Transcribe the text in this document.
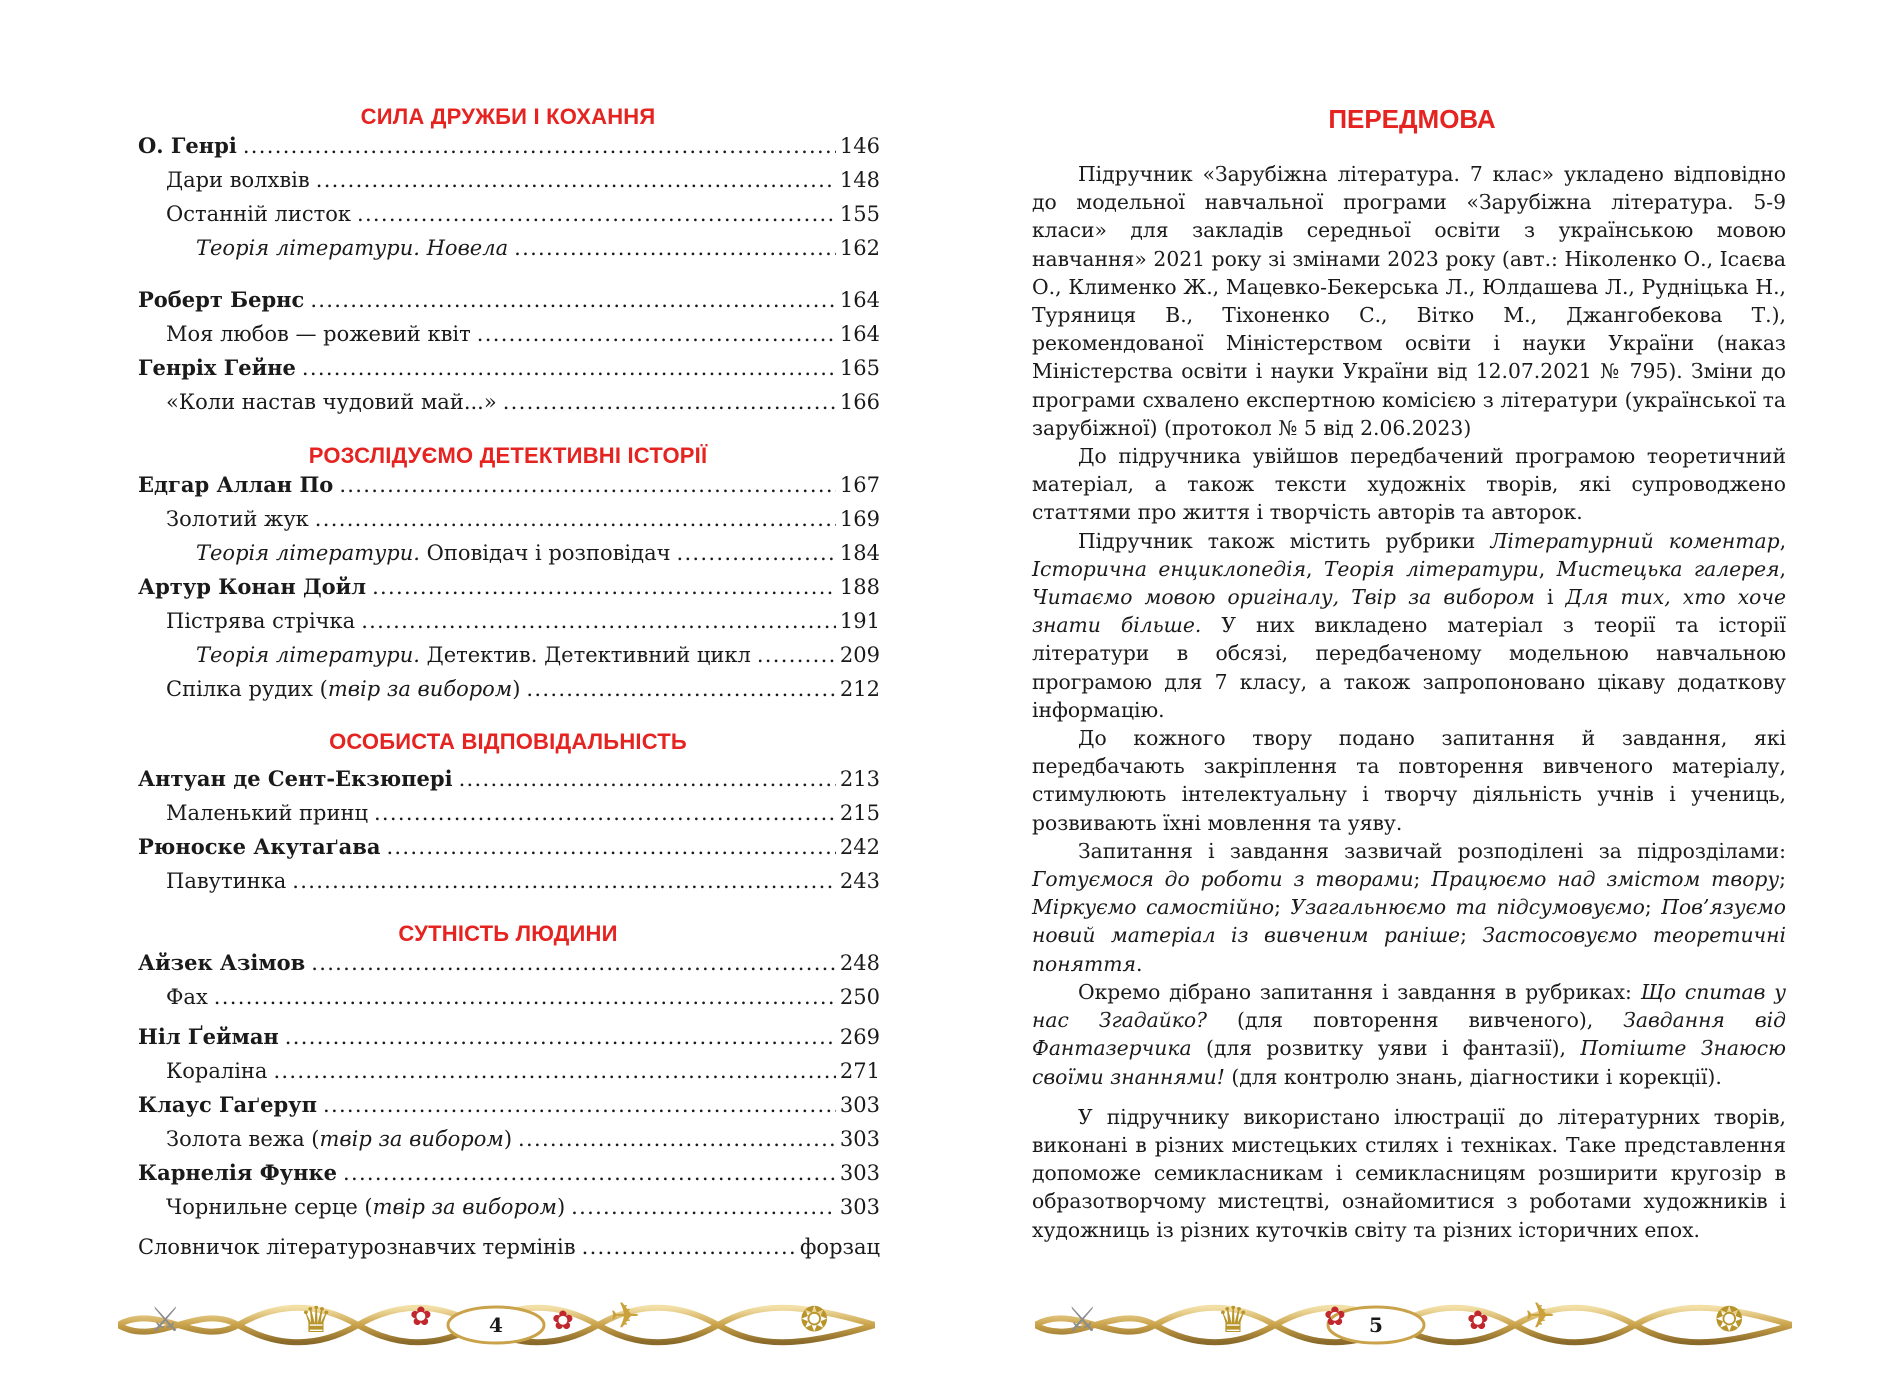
СИЛА ДРУЖБИ І КОХАННЯ
О. Генрі .....	146
Дари волхвів .....	148
Останній листок .....	155
Теорія літератури. Новела .....	162
Роберт Бернс .....	164
Моя любов — рожевий квіт .....	164
Генріх Гейне .....	165
«Коли настав чудовий май...» .....	166
РОЗСЛІДУЄМО ДЕТЕКТИВНІ ІСТОРІЇ
Едгар Аллан По .....	167
Золотий жук .....	169
Теорія літератури. Оповідач і розповідач .....	184
Артур Конан Дойл .....	188
Пістрява стрічка .....	191
Теорія літератури. Детектив. Детективний цикл .....	209
Спілка рудих (твір за вибором) .....	212
ОСОБИСТА ВІДПОВІДАЛЬНІСТЬ
Антуан де Сент-Екзюпері .....	213
Маленький принц .....	215
Рюноске Акутаґава .....	242
Павутинка .....	243
СУТНІСТЬ ЛЮДИНИ
Айзек Азімов .....	248
Фах .....	250
Ніл Ґейман .....	269
Кораліна .....	271
Клаус Гаґеруп .....	303
Золота вежа (твір за вибором) .....	303
Карнелія Функе .....	303
Чорнильне серце (твір за вибором) .....	303
Словничок літературознавчих термінів .....	форзац
⚔	♛	✿	✿ ✈	❂
4
ПЕРЕДМОВА

Підручник «Зарубіжна література. 7 клас» укладено відповідно до модельної навчальної програми «Зарубіжна література. 5-9 класи» для закладів середньої освіти з українською мовою навчання» 2021 року зі змінами 2023 року (авт.: Ніколенко О., Ісаєва О., Клименко Ж., Мацевко-Бекерська Л., Юлдашева Л., Рудніцька Н., Туряниця В., Тіхоненко С., Вітко М., Джангобекова Т.), рекомендованої Міністерством освіти і науки України (наказ Міністерства освіти і науки України від 12.07.2021 № 795). Зміни до програми схвалено експертною комісією з літератури (української та зарубіжної) (протокол № 5 від 2.06.2023)

До підручника увійшов передбачений програмою теоретичний матеріал, а також тексти художніх творів, які супроводжено статтями про життя і творчість авторів та авторок.

Підручник також містить рубрики Літературний коментар, Історична енциклопедія, Теорія літератури, Мистецька галерея, Читаємо мовою оригіналу, Твір за вибором і Для тих, хто хоче знати більше. У них викладено матеріал з теорії та історії літератури в обсязі, передбаченому модельною навчальною програмою для 7 класу, а також запропоновано цікаву додаткову інформацію.

До кожного твору подано запитання й завдання, які передбачають закріплення та повторення вивченого матеріалу, стимулюють інтелектуальну і творчу діяльність учнів і учениць, розвивають їхні мовлення та уяву.

Запитання і завдання зазвичай розподілені за підрозділами: Готуємося до роботи з творами; Працюємо над змістом твору; Міркуємо самостійно; Узагальнюємо та підсумовуємо; Пов’язуємо новий матеріал із вивченим раніше; Застосовуємо теоретичні поняття.

Окремо дібрано запитання і завдання в рубриках: Що спитав у нас Згадайко? (для повторення вивченого), Завдання від Фантазерчика (для розвитку уяви і фантазії), Потіште Знаюсю своїми знаннями! (для контролю знань, діагностики і корекції).

У підручнику використано ілюстрації до літературних творів, виконані в різних мистецьких стилях і техніках. Таке представлення допоможе семикласникам і семикласницям розширити кругозір в образотворчому мистецтві, ознайомитися з роботами художників і художниць із різних куточків світу та різних історичних епох.

⚔	♛	✿	✿ ✈	❂
5
